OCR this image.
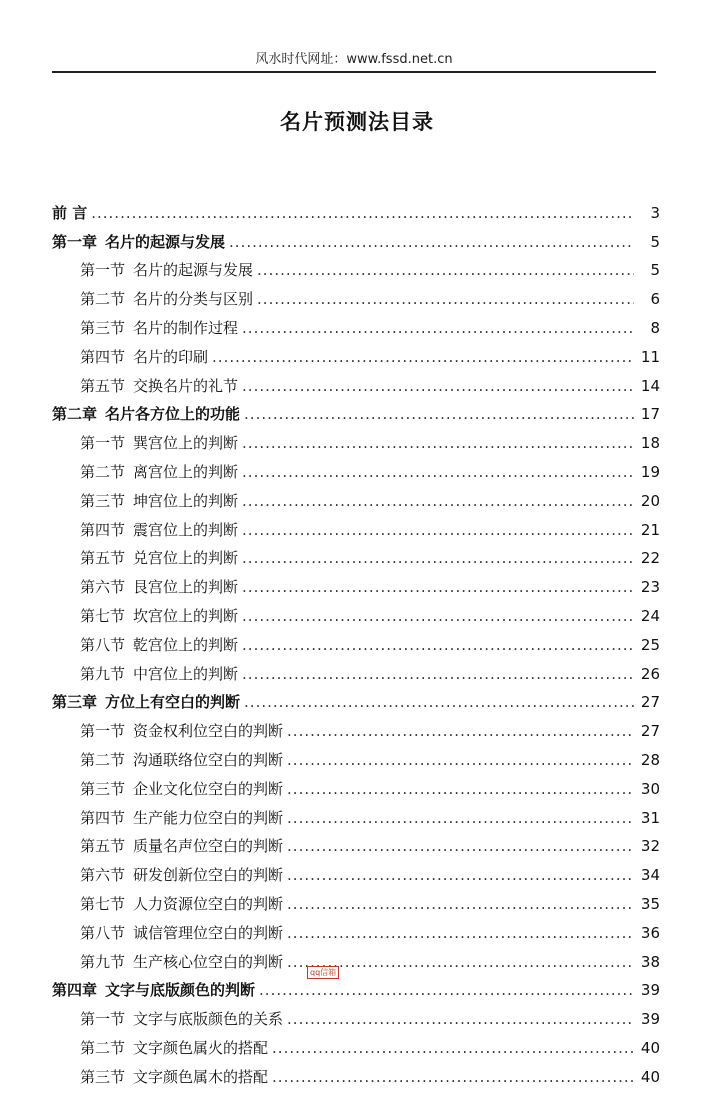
风水时代网址：www.fssd.net.cn
名片预测法目录
前 言 .....	3
第一章 名片的起源与发展 .....	5
第一节 名片的起源与发展 .....	5
第二节 名片的分类与区别 .....	6
第三节 名片的制作过程 .....	8
第四节 名片的印刷 .....	11
第五节 交换名片的礼节 .....	14
第二章 名片各方位上的功能 .....	17
第一节 巽宫位上的判断 .....	18
第二节 离宫位上的判断 .....	19
第三节 坤宫位上的判断 .....	20
第四节 震宫位上的判断 .....	21
第五节 兑宫位上的判断 .....	22
第六节 艮宫位上的判断 .....	23
第七节 坎宫位上的判断 .....	24
第八节 乾宫位上的判断 .....	25
第九节 中宫位上的判断 .....	26
第三章 方位上有空白的判断 .....	27
第一节 资金权利位空白的判断 .....	27
第二节 沟通联络位空白的判断 .....	28
第三节 企业文化位空白的判断 .....	30
第四节 生产能力位空白的判断 .....	31
第五节 质量名声位空白的判断 .....	32
第六节 研发创新位空白的判断 .....	34
第七节 人力资源位空白的判断 .....	35
第八节 诚信管理位空白的判断 .....	36
第九节 生产核心位空白的判断 .....	38
第四章 文字与底版颜色的判断 .....	39
第一节 文字与底版颜色的关系 .....	39
第二节 文字颜色属火的搭配 .....	40
第三节 文字颜色属木的搭配 .....	40
qq信箱
